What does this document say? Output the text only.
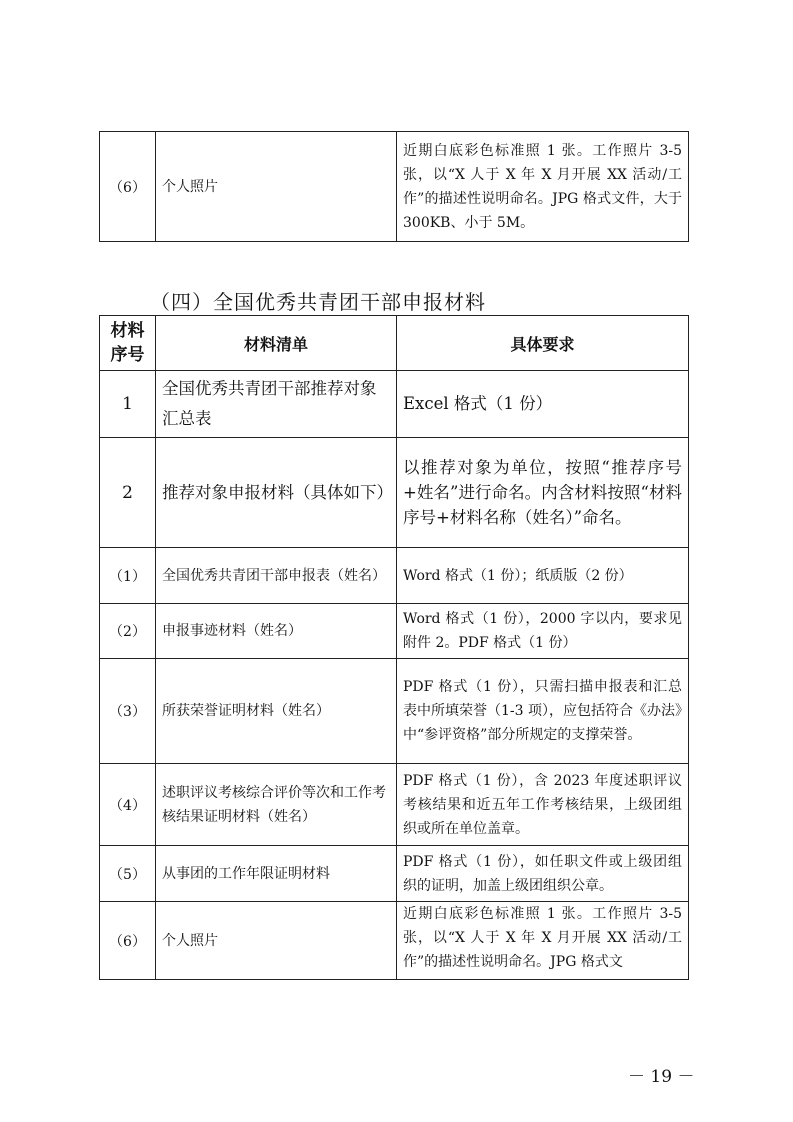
（6）	个人照片	近期白底彩色标准照 1 张。工作照片 3-5 张，以“X 人于 X 年 X 月开展 XX 活动/工作”的描述性说明命名。JPG 格式文件，大于 300KB、小于 5M。
（四）全国优秀共青团干部申报材料
材料序号	材料清单	具体要求
1	全国优秀共青团干部推荐对象汇总表	Excel 格式（1 份）
2	推荐对象申报材料（具体如下）	以推荐对象为单位，按照“推荐序号+姓名”进行命名。内含材料按照“材料序号+材料名称（姓名）”命名。
（1）	全国优秀共青团干部申报表（姓名）	Word 格式（1 份）；纸质版（2 份）
（2）	申报事迹材料（姓名）	Word 格式（1 份），2000 字以内，要求见附件 2。PDF 格式（1 份）
（3）	所获荣誉证明材料（姓名）	PDF 格式（1 份），只需扫描申报表和汇总表中所填荣誉（1-3 项），应包括符合《办法》中“参评资格”部分所规定的支撑荣誉。
（4）	述职评议考核综合评价等次和工作考核结果证明材料（姓名）	PDF 格式（1 份），含 2023 年度述职评议考核结果和近五年工作考核结果，上级团组织或所在单位盖章。
（5）	从事团的工作年限证明材料	PDF 格式（1 份），如任职文件或上级团组织的证明，加盖上级团组织公章。
（6）	个人照片	近期白底彩色标准照 1 张。工作照片 3-5 张，以“X 人于 X 年 X 月开展 XX 活动/工作”的描述性说明命名。JPG 格式文
－ 19 －
